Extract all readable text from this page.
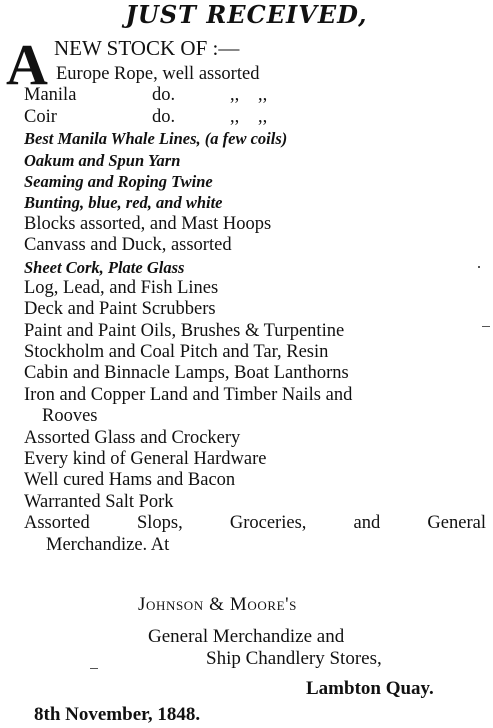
JUST RECEIVED,
A NEW STOCK OF :—
Europe Rope, well assorted
Manila	do.	,, ,,
Coir	do.	,, ,,
Best Manila Whale Lines, (a few coils)
Oakum and Spun Yarn
Seaming and Roping Twine
Bunting, blue, red, and white
Blocks assorted, and Mast Hoops
Canvass and Duck, assorted
Sheet Cork, Plate Glass
Log, Lead, and Fish Lines
Deck and Paint Scrubbers
Paint and Paint Oils, Brushes & Turpentine
Stockholm and Coal Pitch and Tar, Resin
Cabin and Binnacle Lamps, Boat Lanthorns
Iron and Copper Land and Timber Nails and
Rooves
Assorted Glass and Crockery
Every kind of General Hardware
Well cured Hams and Bacon
Warranted Salt Pork
Assorted	Slops,	Groceries,	and	General
Merchandize. At
Johnson & Moore's
General Merchandize and
Ship Chandlery Stores,
Lambton Quay.
8th November, 1848.
